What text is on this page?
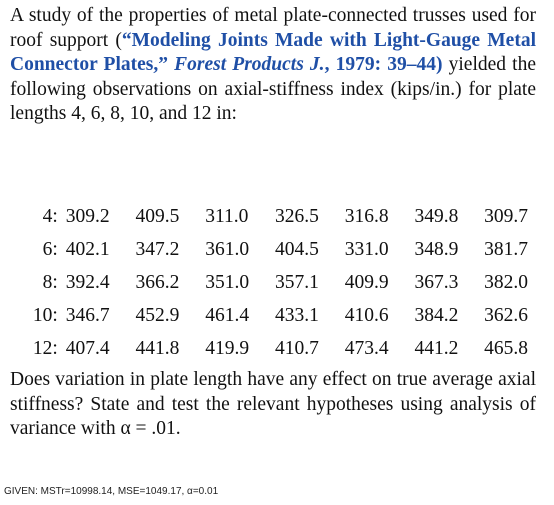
A study of the properties of metal plate-connected trusses used for roof support (“Modeling Joints Made with Light-Gauge Metal Connector Plates,” Forest Products J., 1979: 39–44) yielded the following observations on axial-stiffness index (kips/in.) for plate lengths 4, 6, 8, 10, and 12 in:

4:	309.2	409.5	311.0	326.5	316.8	349.8	309.7
6:	402.1	347.2	361.0	404.5	331.0	348.9	381.7
8:	392.4	366.2	351.0	357.1	409.9	367.3	382.0
10:	346.7	452.9	461.4	433.1	410.6	384.2	362.6
12:	407.4	441.8	419.9	410.7	473.4	441.2	465.8

Does variation in plate length have any effect on true average axial stiffness? State and test the relevant hypotheses using analysis of variance with α = .01.

GIVEN: MSTr=10998.14, MSE=1049.17, α=0.01
